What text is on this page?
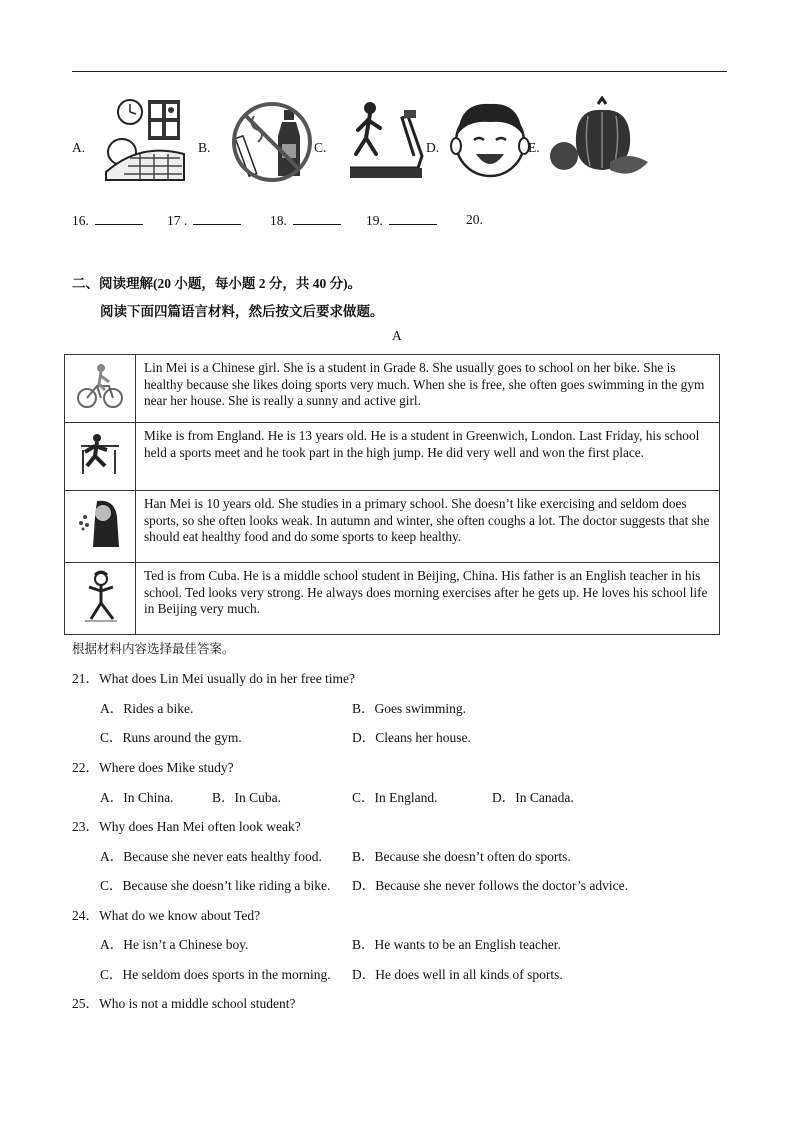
A.	B.	C.	D.	E.
16.	17 .	18.	19.	20.
二、阅读理解(20 小题，每小题 2 分，共 40 分)。
阅读下面四篇语言材料，然后按文后要求做题。
A
	Lin Mei is a Chinese girl. She is a student in Grade 8. She usually goes to school on her bike. She is healthy because she likes doing sports very much. When she is free, she often goes swimming in the gym near her house. She is really a sunny and active girl.
	Mike is from England. He is 13 years old. He is a student in Greenwich, London. Last Friday, his school held a sports meet and he took part in the high jump. He did very well and won the first place.
	Han Mei is 10 years old. She studies in a primary school. She doesn’t like exercising and seldom does sports, so she often looks weak. In autumn and winter, she often coughs a lot. The doctor suggests that she should eat healthy food and do some sports to keep healthy.
	Ted is from Cuba. He is a middle school student in Beijing, China. His father is an English teacher in his school. Ted looks very strong. He always does morning exercises after he gets up. He loves his school life in Beijing very much.
根据材料内容选择最佳答案。
21．What does Lin Mei usually do in her free time?
A．Rides a bike.	B．Goes swimming.
C．Runs around the gym.	D．Cleans her house.
22．Where does Mike study?
A．In China.	B．In Cuba.	C．In England.	D．In Canada.
23．Why does Han Mei often look weak?
A．Because she never eats healthy food. B．Because she doesn’t often do sports.
C．Because she doesn’t like riding a bike. D．Because she never follows the doctor’s advice.
24．What do we know about Ted?
A．He isn’t a Chinese boy.	B．He wants to be an English teacher.
C．He seldom does sports in the morning. D．He does well in all kinds of sports.
25．Who is not a middle school student?
